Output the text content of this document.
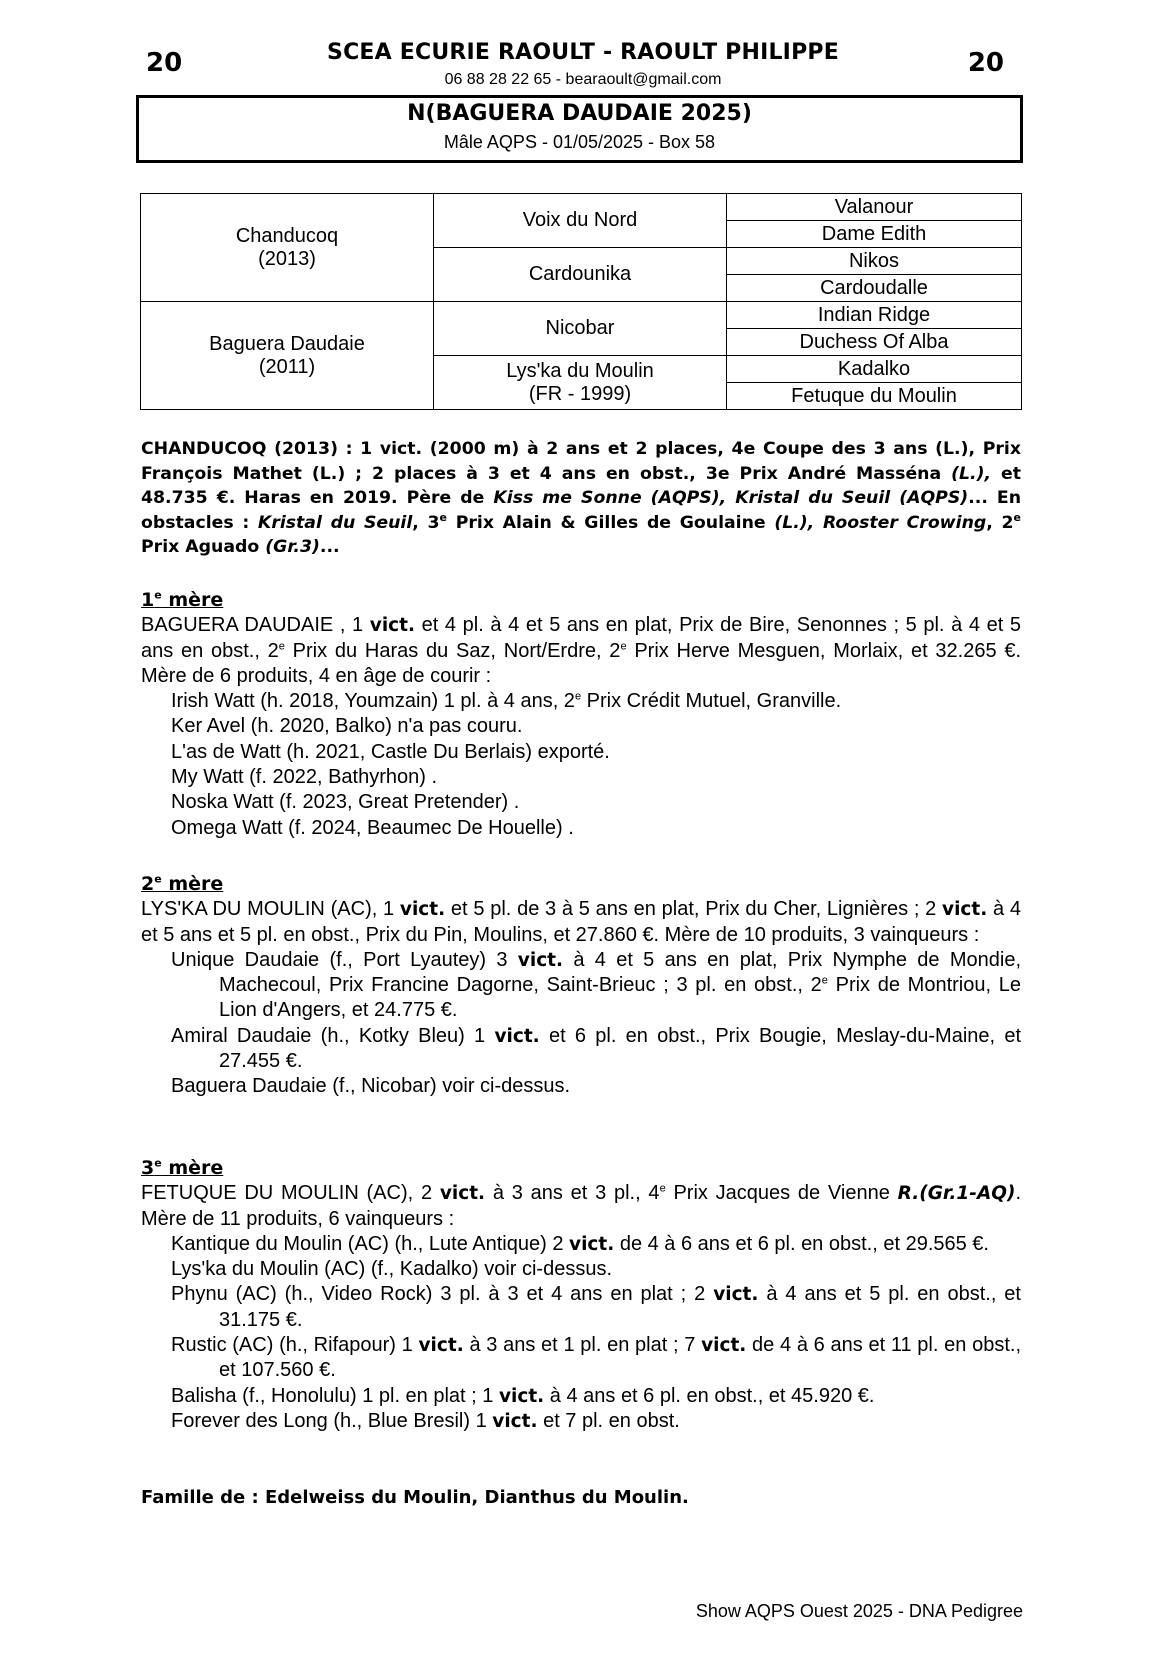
20	20
SCEA ECURIE RAOULT - RAOULT PHILIPPE
06 88 28 22 65 - bearaoult@gmail.com
N(BAGUERA DAUDAIE 2025)
Mâle AQPS - 01/05/2025 - Box 58
Chanducoq
(2013)	Voix du Nord	Valanour
		Dame Edith
	Cardounika	Nikos
		Cardoudalle

Baguera Daudaie
(2011)	Nicobar	Indian Ridge
		Duchess Of Alba

	Lys'ka du Moulin
(FR - 1999)	Kadalko
		Fetuque du Moulin
CHANDUCOQ (2013) : 1 vict. (2000 m) à 2 ans et 2 places, 4e Coupe des 3 ans (L.), Prix François Mathet (L.) ; 2 places à 3 et 4 ans en obst., 3e Prix André Masséna (L.), et 48.735 €. Haras en 2019. Père de Kiss me Sonne (AQPS), Kristal du Seuil (AQPS)... En obstacles : Kristal du Seuil, 3e Prix Alain & Gilles de Goulaine (L.), Rooster Crowing, 2e Prix Aguado (Gr.3)...
1e mère
BAGUERA DAUDAIE , 1 vict. et 4 pl. à 4 et 5 ans en plat, Prix de Bire, Senonnes ; 5 pl. à 4 et 5 ans en obst., 2e Prix du Haras du Saz, Nort/Erdre, 2e Prix Herve Mesguen, Morlaix, et 32.265 €. Mère de 6 produits, 4 en âge de courir :
Irish Watt (h. 2018, Youmzain) 1 pl. à 4 ans, 2e Prix Crédit Mutuel, Granville.
Ker Avel (h. 2020, Balko) n'a pas couru.
L'as de Watt (h. 2021, Castle Du Berlais) exporté.
My Watt (f. 2022, Bathyrhon) .
Noska Watt (f. 2023, Great Pretender) .
Omega Watt (f. 2024, Beaumec De Houelle) .
2e mère
LYS'KA DU MOULIN (AC), 1 vict. et 5 pl. de 3 à 5 ans en plat, Prix du Cher, Lignières ; 2 vict. à 4 et 5 ans et 5 pl. en obst., Prix du Pin, Moulins, et 27.860 €. Mère de 10 produits, 3 vainqueurs :
Unique Daudaie (f., Port Lyautey) 3 vict. à 4 et 5 ans en plat, Prix Nymphe de Mondie, Machecoul, Prix Francine Dagorne, Saint-Brieuc ; 3 pl. en obst., 2e Prix de Montriou, Le Lion d'Angers, et 24.775 €.
Amiral Daudaie (h., Kotky Bleu) 1 vict. et 6 pl. en obst., Prix Bougie, Meslay-du-Maine, et 27.455 €.
Baguera Daudaie (f., Nicobar) voir ci-dessus.
3e mère
FETUQUE DU MOULIN (AC), 2 vict. à 3 ans et 3 pl., 4e Prix Jacques de Vienne R.(Gr.1-AQ). Mère de 11 produits, 6 vainqueurs :
Kantique du Moulin (AC) (h., Lute Antique) 2 vict. de 4 à 6 ans et 6 pl. en obst., et 29.565 €.
Lys'ka du Moulin (AC) (f., Kadalko) voir ci-dessus.
Phynu (AC) (h., Video Rock) 3 pl. à 3 et 4 ans en plat ; 2 vict. à 4 ans et 5 pl. en obst., et 31.175 €.
Rustic (AC) (h., Rifapour) 1 vict. à 3 ans et 1 pl. en plat ; 7 vict. de 4 à 6 ans et 11 pl. en obst., et 107.560 €.
Balisha (f., Honolulu) 1 pl. en plat ; 1 vict. à 4 ans et 6 pl. en obst., et 45.920 €.
Forever des Long (h., Blue Bresil) 1 vict. et 7 pl. en obst.
Famille de : Edelweiss du Moulin, Dianthus du Moulin.
Show AQPS Ouest 2025 - DNA Pedigree
